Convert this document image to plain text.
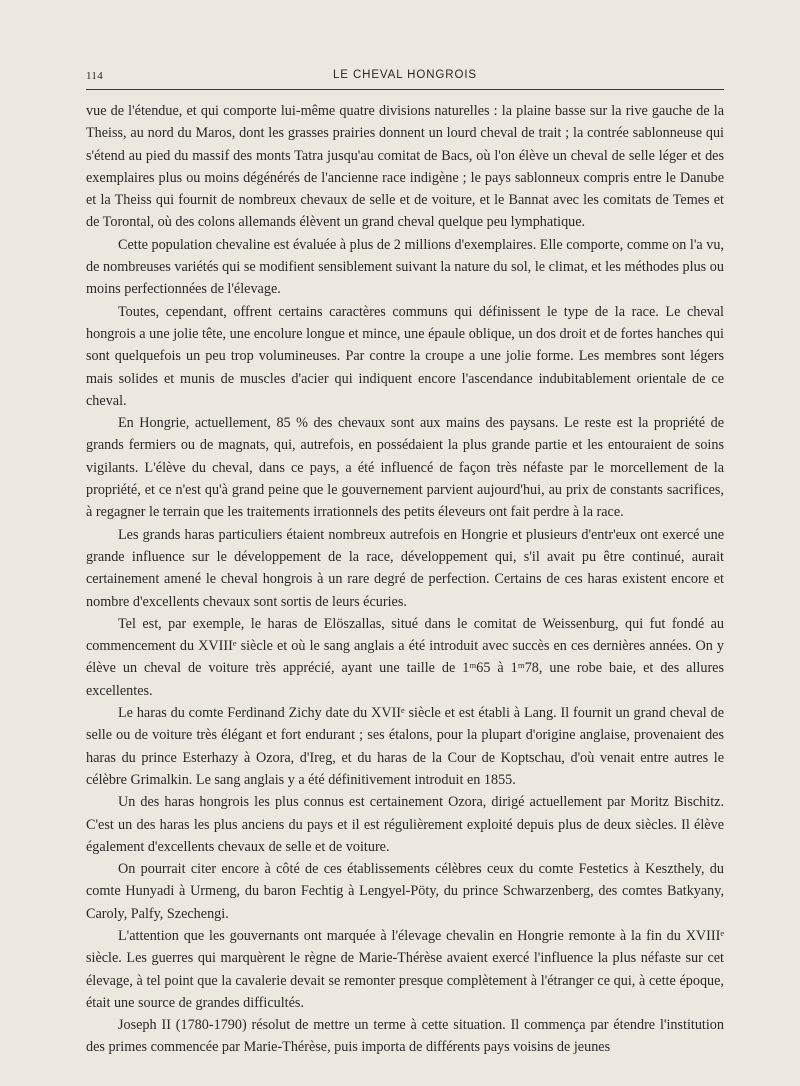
114	LE CHEVAL HONGROIS

vue de l'étendue, et qui comporte lui-même quatre divisions naturelles : la plaine basse sur la rive gauche de la Theiss, au nord du Maros, dont les grasses prairies donnent un lourd cheval de trait ; la contrée sablonneuse qui s'étend au pied du massif des monts Tatra jusqu'au comitat de Bacs, où l'on élève un cheval de selle léger et des exemplaires plus ou moins dégénérés de l'ancienne race indigène ; le pays sablonneux compris entre le Danube et la Theiss qui fournit de nombreux chevaux de selle et de voiture, et le Bannat avec les comitats de Temes et de Torontal, où des colons allemands élèvent un grand cheval quelque peu lymphatique.

Cette population chevaline est évaluée à plus de 2 millions d'exemplaires. Elle comporte, comme on l'a vu, de nombreuses variétés qui se modifient sensiblement suivant la nature du sol, le climat, et les méthodes plus ou moins perfectionnées de l'élevage.

Toutes, cependant, offrent certains caractères communs qui définissent le type de la race. Le cheval hongrois a une jolie tête, une encolure longue et mince, une épaule oblique, un dos droit et de fortes hanches qui sont quelquefois un peu trop volumineuses. Par contre la croupe a une jolie forme. Les membres sont légers mais solides et munis de muscles d'acier qui indiquent encore l'ascendance indubitablement orientale de ce cheval.

En Hongrie, actuellement, 85 % des chevaux sont aux mains des paysans. Le reste est la propriété de grands fermiers ou de magnats, qui, autrefois, en possédaient la plus grande partie et les entouraient de soins vigilants. L'élève du cheval, dans ce pays, a été influencé de façon très néfaste par le morcellement de la propriété, et ce n'est qu'à grand peine que le gouvernement parvient aujourd'hui, au prix de constants sacrifices, à regagner le terrain que les traitements irrationnels des petits éleveurs ont fait perdre à la race.

Les grands haras particuliers étaient nombreux autrefois en Hongrie et plusieurs d'entr'eux ont exercé une grande influence sur le développement de la race, développement qui, s'il avait pu être continué, aurait certainement amené le cheval hongrois à un rare degré de perfection. Certains de ces haras existent encore et nombre d'excellents chevaux sont sortis de leurs écuries.

Tel est, par exemple, le haras de Elöszallas, situé dans le comitat de Weissenburg, qui fut fondé au commencement du XVIIIᵉ siècle et où le sang anglais a été introduit avec succès en ces dernières années. On y élève un cheval de voiture très apprécié, ayant une taille de 1ᵐ65 à 1ᵐ78, une robe baie, et des allures excellentes.

Le haras du comte Ferdinand Zichy date du XVIIᵉ siècle et est établi à Lang. Il fournit un grand cheval de selle ou de voiture très élégant et fort endurant ; ses étalons, pour la plupart d'origine anglaise, provenaient des haras du prince Esterhazy à Ozora, d'Ireg, et du haras de la Cour de Koptschau, d'où venait entre autres le célèbre Grimalkin. Le sang anglais y a été définitivement introduit en 1855.

Un des haras hongrois les plus connus est certainement Ozora, dirigé actuellement par Moritz Bischitz. C'est un des haras les plus anciens du pays et il est régulièrement exploité depuis plus de deux siècles. Il élève également d'excellents chevaux de selle et de voiture.

On pourrait citer encore à côté de ces établissements célèbres ceux du comte Festetics à Keszthely, du comte Hunyadi à Urmeng, du baron Fechtig à Lengyel-Pöty, du prince Schwarzenberg, des comtes Batkyany, Caroly, Palfy, Szechengi.

L'attention que les gouvernants ont marquée à l'élevage chevalin en Hongrie remonte à la fin du XVIIIᵉ siècle. Les guerres qui marquèrent le règne de Marie-Thérèse avaient exercé l'influence la plus néfaste sur cet élevage, à tel point que la cavalerie devait se remonter presque complètement à l'étranger ce qui, à cette époque, était une source de grandes difficultés.

Joseph II (1780-1790) résolut de mettre un terme à cette situation. Il commença par étendre l'institution des primes commencée par Marie-Thérèse, puis importa de différents pays voisins de jeunes
